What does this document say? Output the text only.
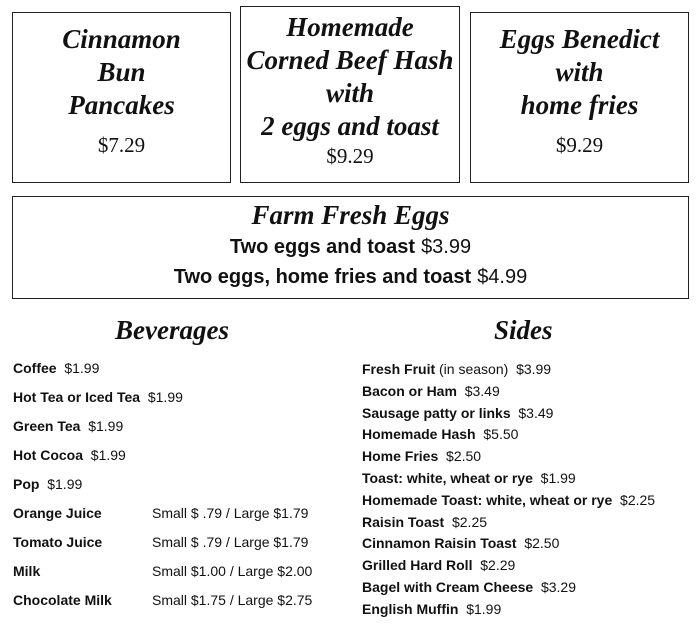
Cinnamon
Bun
Pancakes
$7.29
Homemade
Corned Beef Hash
with
2 eggs and toast
$9.29
Eggs Benedict
with
home fries
$9.29
Farm Fresh Eggs
Two eggs and toast $3.99
Two eggs, home fries and toast $4.99
Beverages	Sides
Coffee $1.99
Hot Tea or Iced Tea $1.99
Green Tea $1.99
Hot Cocoa $1.99
Pop $1.99
Orange Juice	Small $ .79 / Large $1.79
Tomato Juice	Small $ .79 / Large $1.79
Milk	Small $1.00 / Large $2.00
Chocolate Milk	Small $1.75 / Large $2.75
Fresh Fruit (in season) $3.99
Bacon or Ham $3.49
Sausage patty or links $3.49
Homemade Hash $5.50
Home Fries $2.50
Toast: white, wheat or rye $1.99
Homemade Toast: white, wheat or rye $2.25
Raisin Toast $2.25
Cinnamon Raisin Toast $2.50
Grilled Hard Roll $2.29
Bagel with Cream Cheese $3.29
English Muffin $1.99
